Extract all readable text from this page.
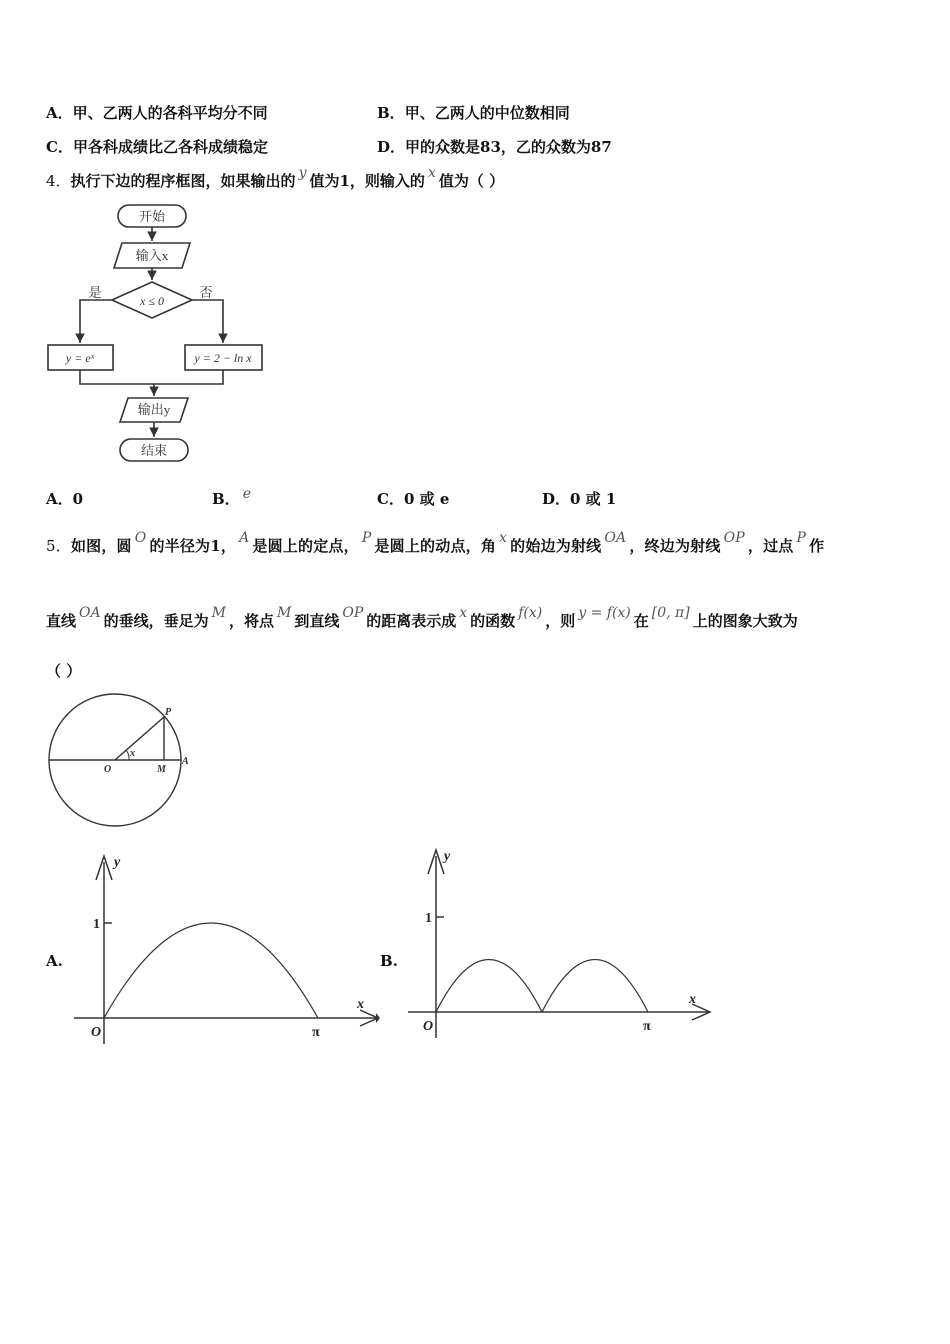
A．甲、乙两人的各科平均分不同	B．甲、乙两人的中位数相同
C．甲各科成绩比乙各科成绩稳定	D．甲的众数是83，乙的众数为87
4．执行下边的程序框图，如果输出的 y 值为1，则输入的 x 值为（ ）
开始
输入x
x ≤ 0
是	否
y = eˣ	y = 2 − ln x
输出y
结束
A．0	B． e	C．0 或 e	D．0 或 1
5．如图，圆 O 的半径为1， A 是圆上的定点， P 是圆上的动点，角 x 的始边为射线 OA ，终边为射线 OP ，过点 P 作
直线 OA 的垂线，垂足为 M ，将点 M 到直线 OP 的距离表示成 x 的函数 f(x) ，则 y = f(x) 在 [0, π] 上的图象大致为
（ ）
P
x
O	M
A
A.
y
x
1
O	π
B.
y
x
1
O	π
